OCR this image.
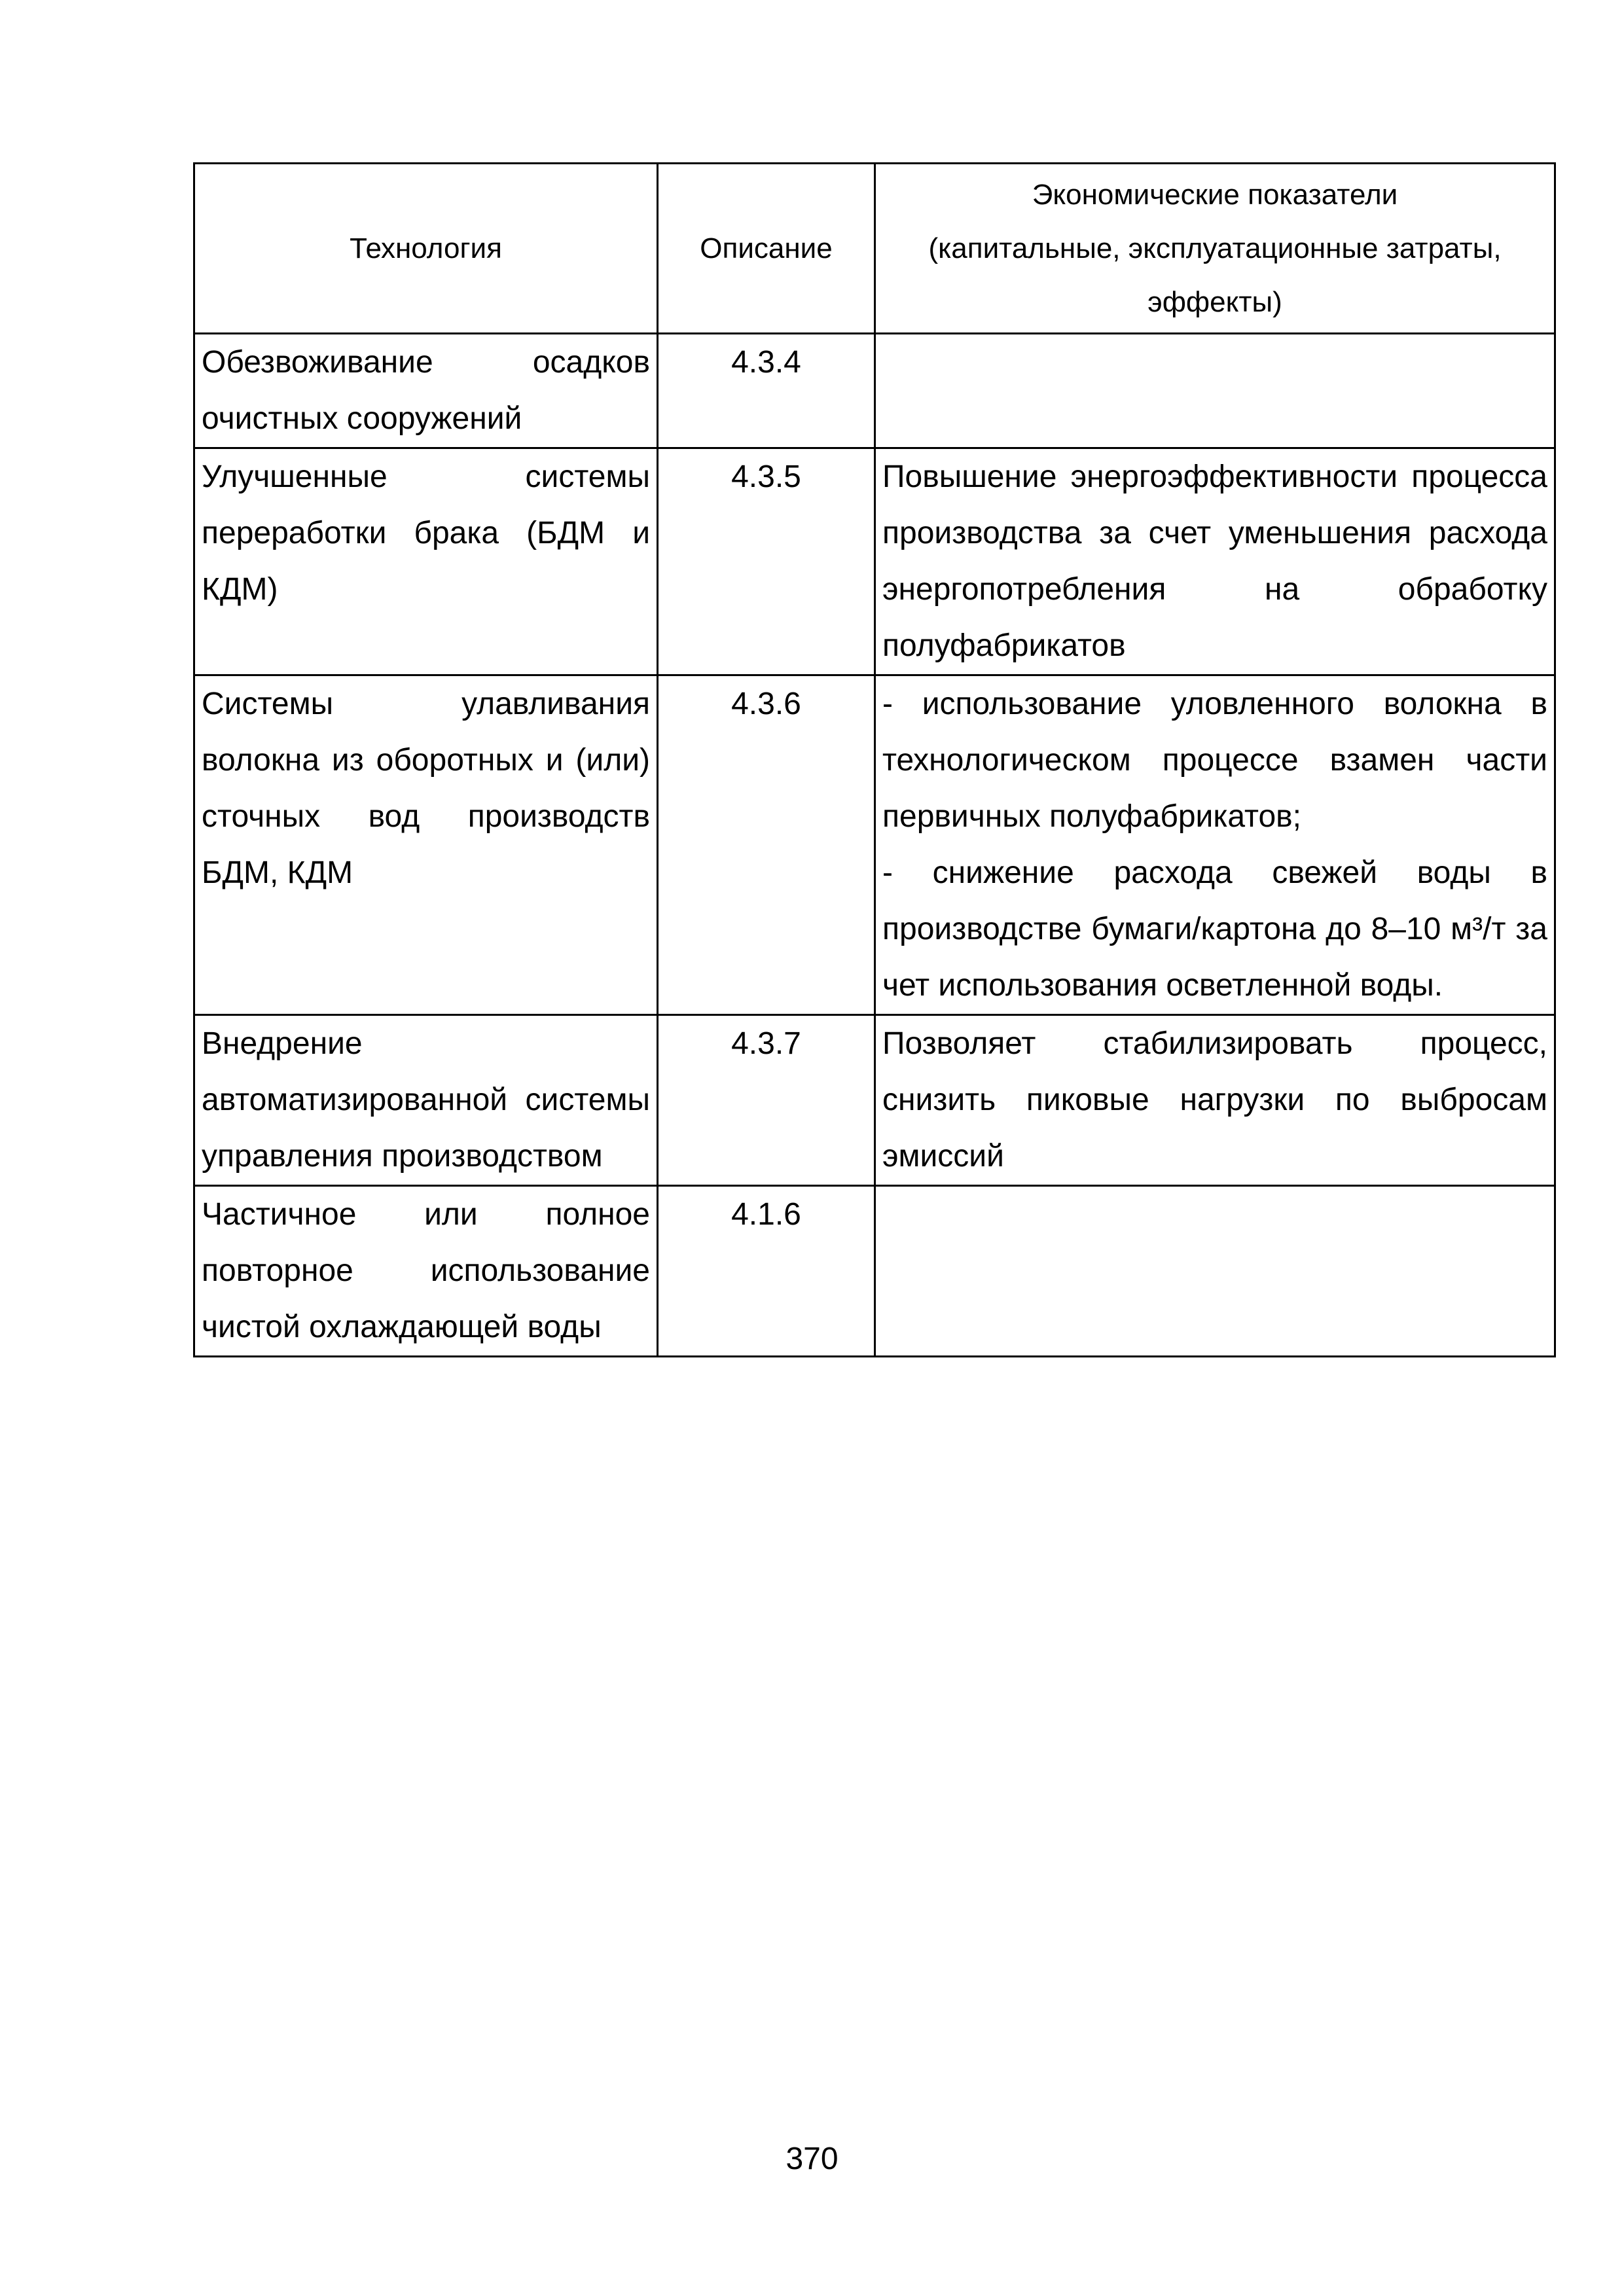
Технология	Описание	Экономические показатели
(капитальные, эксплуатационные затраты,
эффекты)

Обезвоживание осадков очистных сооружений	4.3.4	
Улучшенные системы переработки брака (БДМ и КДМ)	4.3.5	Повышение энергоэффективности процесса производства за счет уменьшения расхода энергопотребления на обработку полуфабрикатов

Системы улавливания волокна из оборотных и (или) сточных вод производств БДМ, КДМ	4.3.6	- использование уловленного волокна в технологическом процессе взамен части первичных полуфабрикатов;
- снижение расхода свежей воды в производстве бумаги/картона до 8–10 м³/т за чет использования осветленной воды.

Внедрение автоматизированной системы управления производством	4.3.7	Позволяет стабилизировать процесс, снизить пиковые нагрузки по выбросам эмиссий

Частичное или полное повторное использование чистой охлаждающей воды	4.1.6	
370
